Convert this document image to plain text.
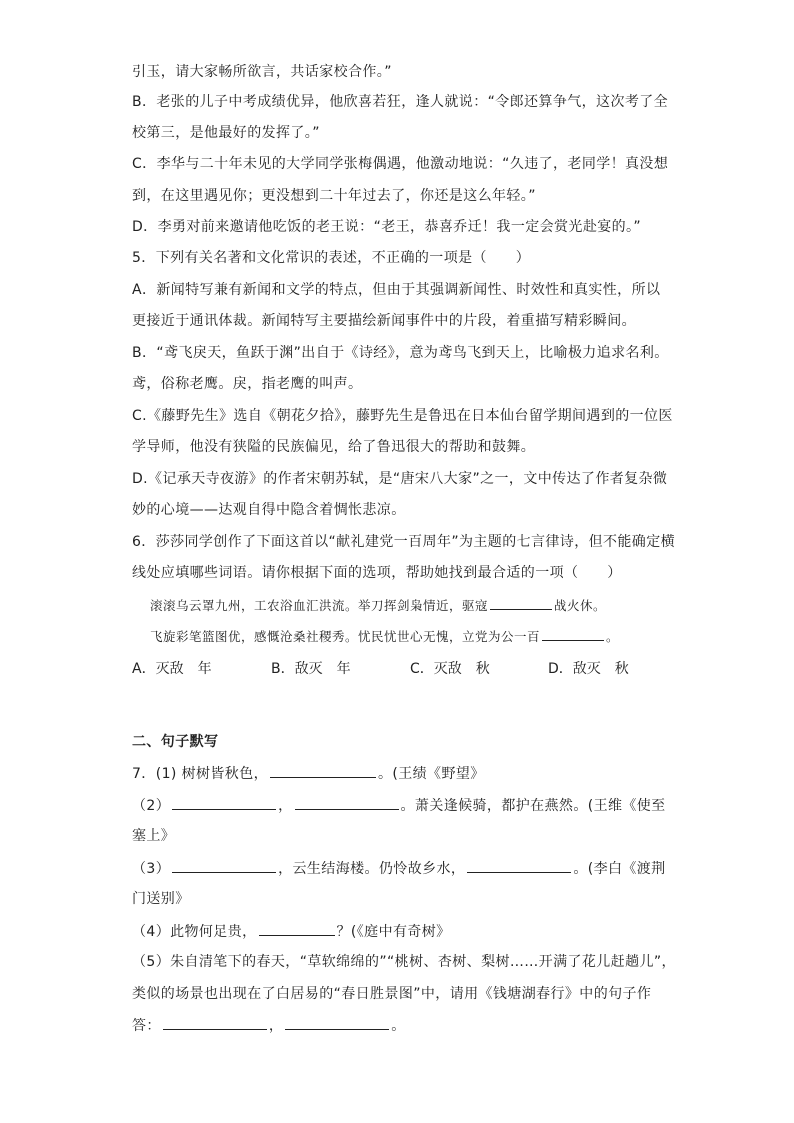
引玉，请大家畅所欲言，共话家校合作。”
B．老张的儿子中考成绩优异，他欣喜若狂，逢人就说：“令郎还算争气，这次考了全
校第三，是他最好的发挥了。”
C．李华与二十年未见的大学同学张梅偶遇，他激动地说：“久违了，老同学！真没想
到，在这里遇见你；更没想到二十年过去了，你还是这么年轻。”
D．李勇对前来邀请他吃饭的老王说：“老王，恭喜乔迁！我一定会赏光赴宴的。”
5．下列有关名著和文化常识的表述，不正确的一项是（　　）
A．新闻特写兼有新闻和文学的特点，但由于其强调新闻性、时效性和真实性，所以
更接近于通讯体裁。新闻特写主要描绘新闻事件中的片段，着重描写精彩瞬间。
B．“鸢飞戾天，鱼跃于渊”出自于《诗经》，意为鸢鸟飞到天上，比喻极力追求名利。
鸢，俗称老鹰。戾，指老鹰的叫声。
C.《藤野先生》选自《朝花夕拾》，藤野先生是鲁迅在日本仙台留学期间遇到的一位医
学导师，他没有狭隘的民族偏见，给了鲁迅很大的帮助和鼓舞。
D.《记承天寺夜游》的作者宋朝苏轼，是“唐宋八大家”之一，文中传达了作者复杂微
妙的心境——达观自得中隐含着惆怅悲凉。
6．莎莎同学创作了下面这首以“献礼建党一百周年”为主题的七言律诗，但不能确定横
线处应填哪些词语。请你根据下面的选项，帮助她找到最合适的一项（　　）
滚滚乌云罩九州，工农浴血汇洪流。举刀挥剑枭情近，驱寇	战火休。
飞旋彩笔篮图优，感慨沧桑社稷秀。忧民忧世心无愧，立党为公一百	。
A．灭敌　年	B．敌灭　年	C．灭敌　秋	D．敌灭　秋
二、句子默写
7．(1) 树树皆秋色，	。(王绩《野望》
（2）	，	。萧关逢候骑，都护在燕然。(王维《使至
塞上》
（3）	，云生结海楼。仍怜故乡水，	。(李白《渡荆
门送别》
（4）此物何足贵，	？(《庭中有奇树》
（5）朱自清笔下的春天，“草软绵绵的”“桃树、杏树、梨树……开满了花儿赶趟儿”，
类似的场景也出现在了白居易的“春日胜景图”中，请用《钱塘湖春行》中的句子作
答：	，	。
